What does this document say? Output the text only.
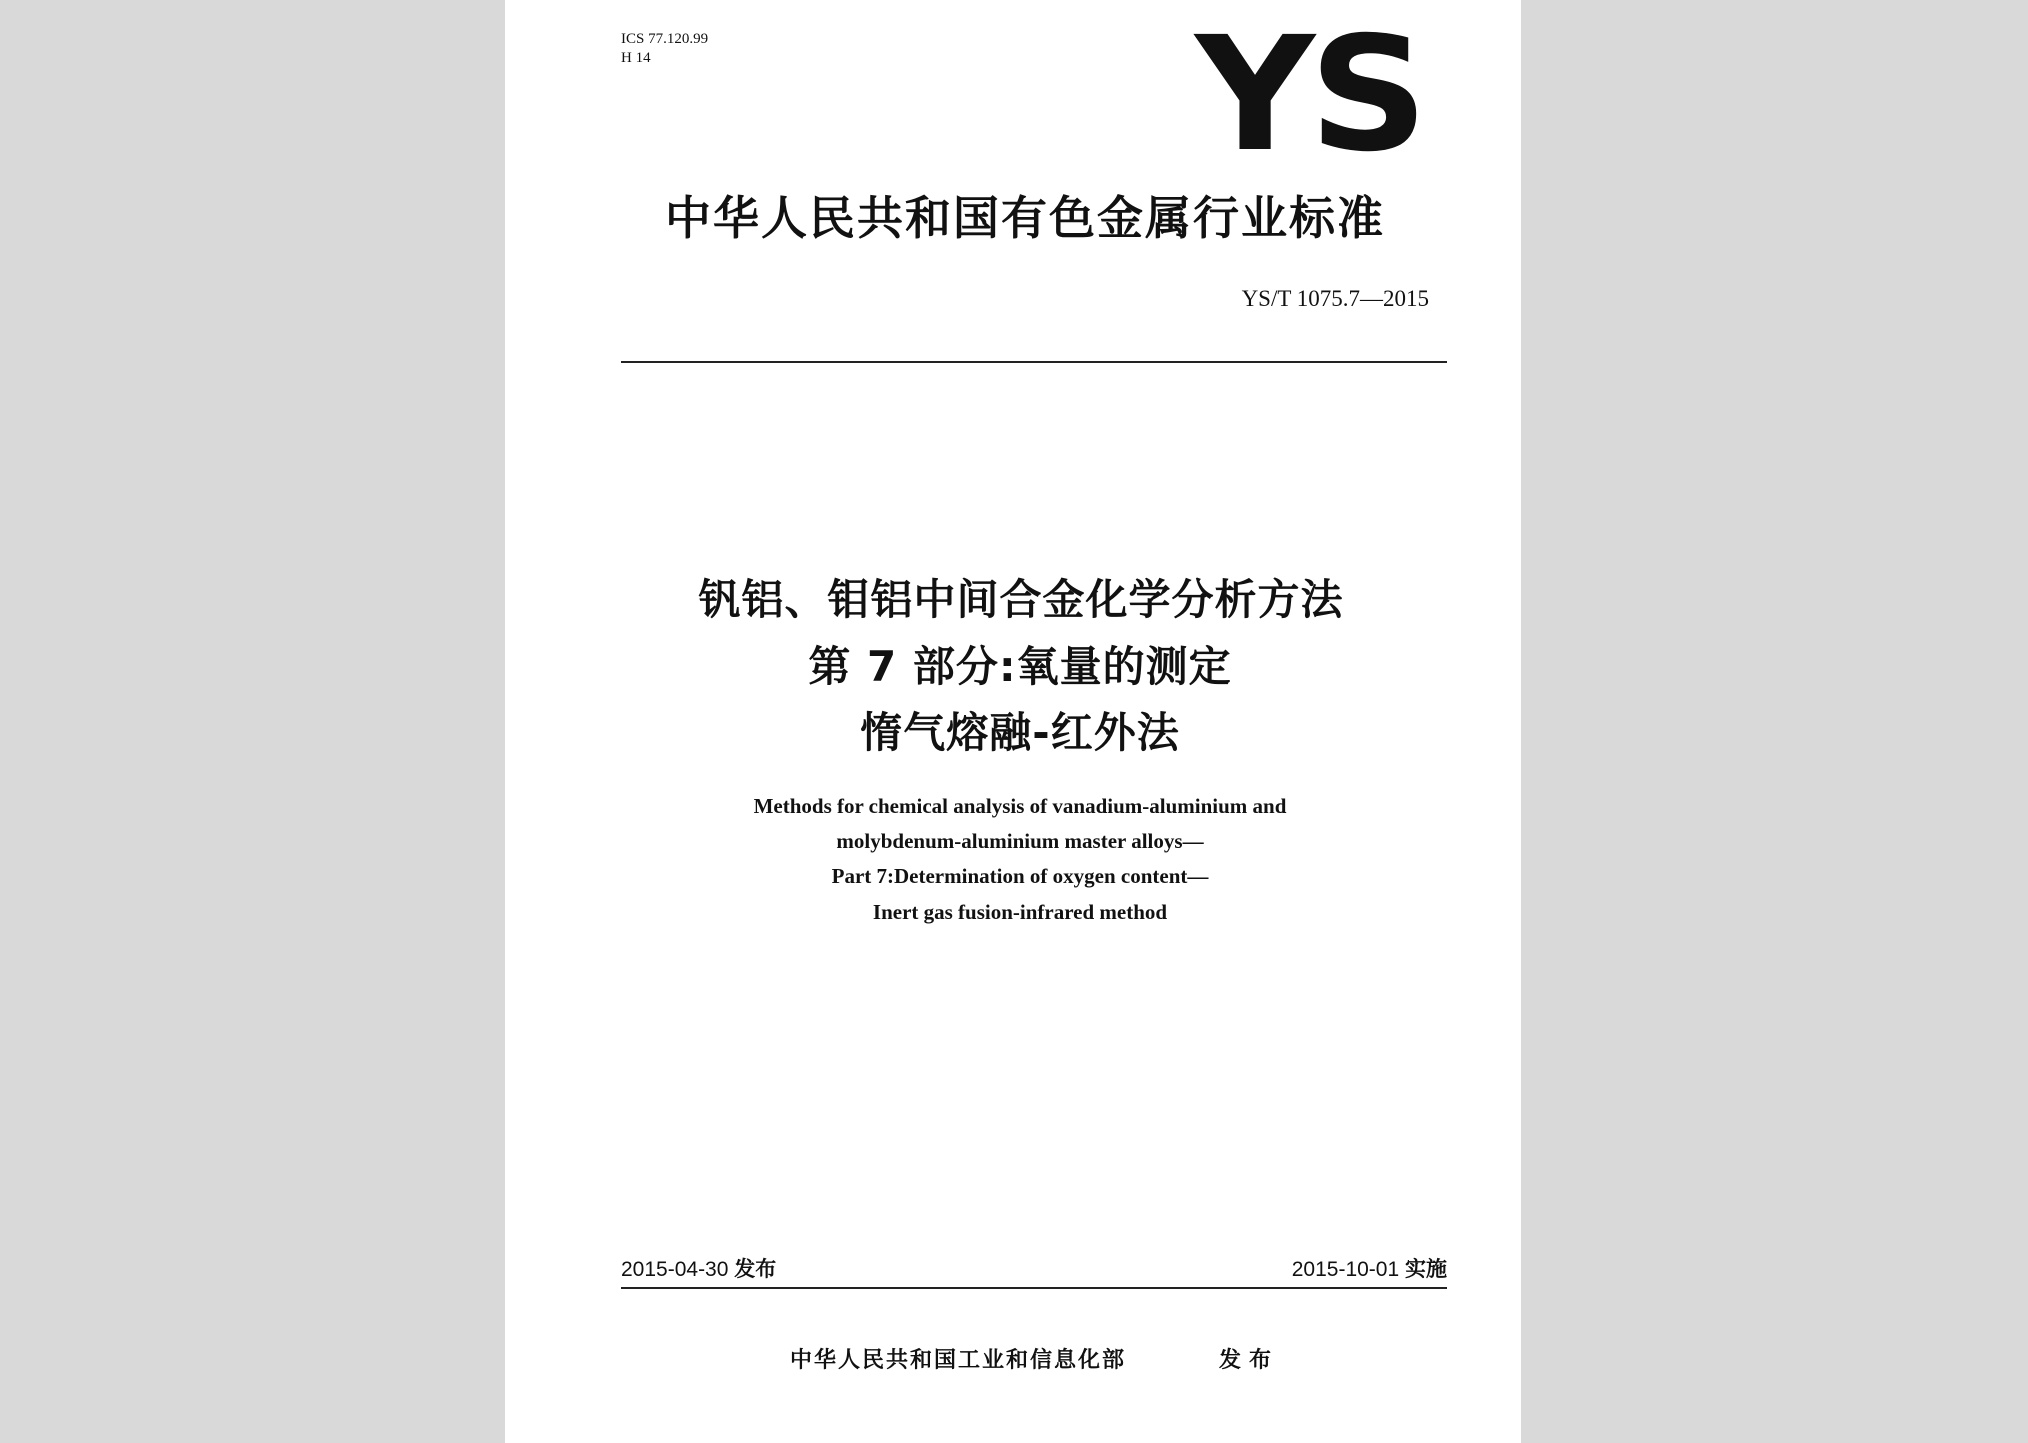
ICS 77.120.99
H 14	YS
中华人民共和国有色金属行业标准
YS/T 1075.7—2015
钒铝、钼铝中间合金化学分析方法
第 7 部分:氧量的测定
惰气熔融-红外法
Methods for chemical analysis of vanadium-aluminium and
molybdenum-aluminium master alloys—
Part 7:Determination of oxygen content—
Inert gas fusion-infrared method
2015-04-30 发布	2015-10-01 实施
中华人民共和国工业和信息化部	发布
